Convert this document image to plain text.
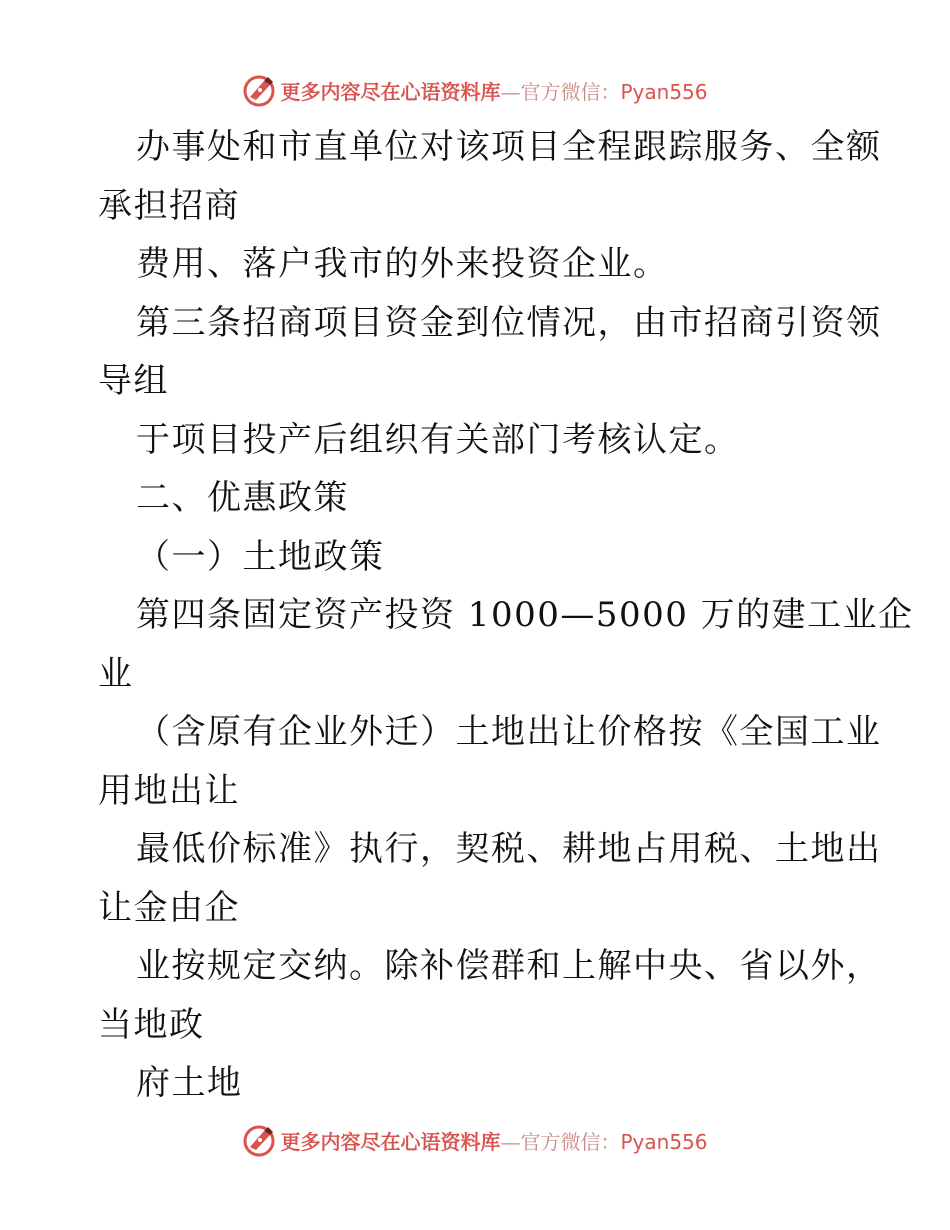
更多内容尽在心语资料库—官方微信：Pyan556
办事处和市直单位对该项目全程跟踪服务、全额
承担招商
费用、落户我市的外来投资企业。
第三条招商项目资金到位情况，由市招商引资领
导组
于项目投产后组织有关部门考核认定。
二、优惠政策
（一）土地政策
第四条固定资产投资 1000—5000 万的建工业企
业
（含原有企业外迁）土地出让价格按《全国工业
用地出让
最低价标准》执行，契税、耕地占用税、土地出
让金由企
业按规定交纳。除补偿群和上解中央、省以外，
当地政
府土地
更多内容尽在心语资料库—官方微信：Pyan556
